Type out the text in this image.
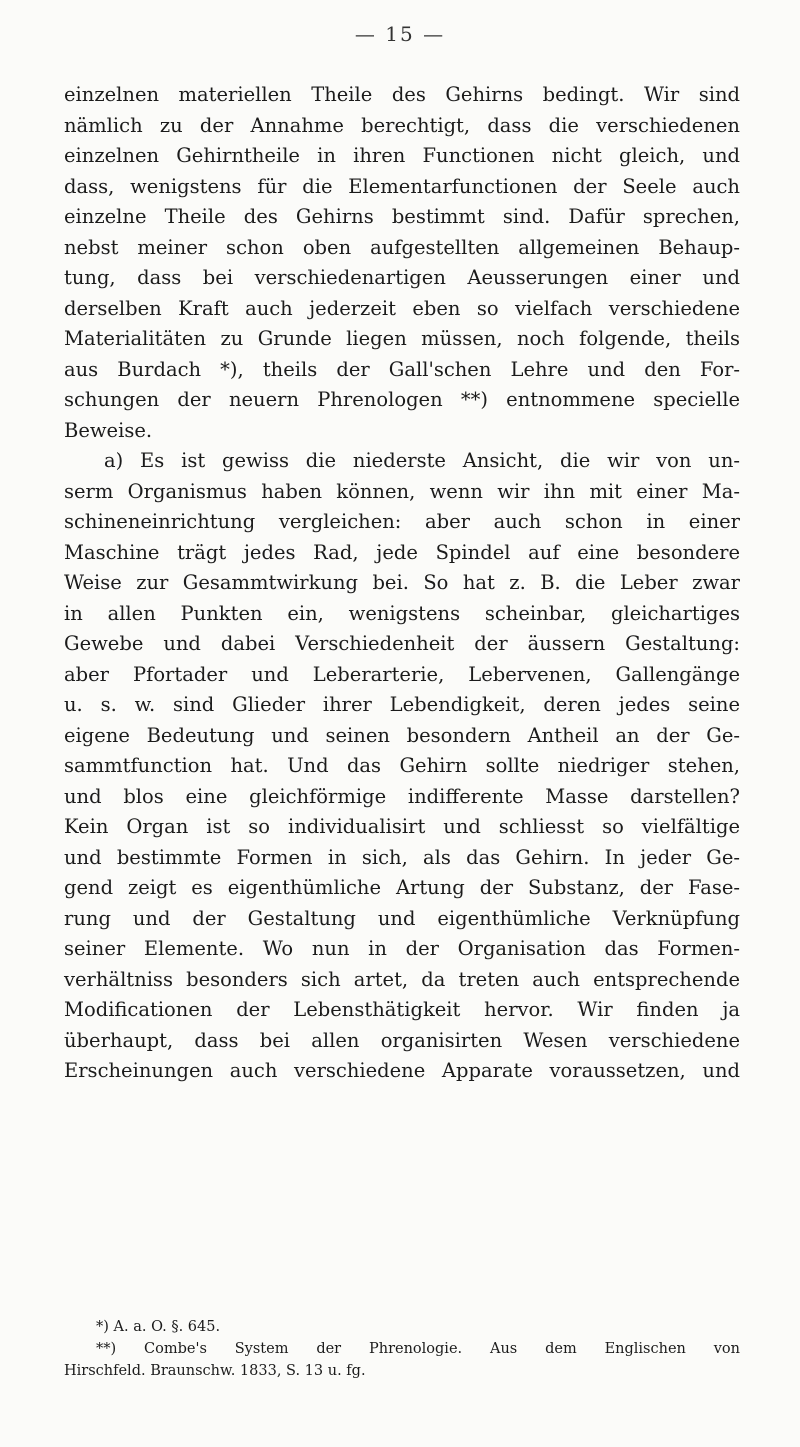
— 15 —
einzelnen materiellen Theile des Gehirns bedingt. Wir sind
nämlich zu der Annahme berechtigt, dass die verschiedenen
einzelnen Gehirntheile in ihren Functionen nicht gleich, und
dass, wenigstens für die Elementarfunctionen der Seele auch
einzelne Theile des Gehirns bestimmt sind. Dafür sprechen,
nebst meiner schon oben aufgestellten allgemeinen Behaup-
tung, dass bei verschiedenartigen Aeusserungen einer und
derselben Kraft auch jederzeit eben so vielfach verschiedene
Materialitäten zu Grunde liegen müssen, noch folgende, theils
aus Burdach *), theils der Gall'schen Lehre und den For-
schungen der neuern Phrenologen **) entnommene specielle
Beweise.
a) Es ist gewiss die niederste Ansicht, die wir von un-
serm Organismus haben können, wenn wir ihn mit einer Ma-
schineneinrichtung vergleichen: aber auch schon in einer
Maschine trägt jedes Rad, jede Spindel auf eine besondere
Weise zur Gesammtwirkung bei. So hat z. B. die Leber zwar
in allen Punkten ein, wenigstens scheinbar, gleichartiges
Gewebe und dabei Verschiedenheit der äussern Gestaltung:
aber Pfortader und Leberarterie, Lebervenen, Gallengänge
u. s. w. sind Glieder ihrer Lebendigkeit, deren jedes seine
eigene Bedeutung und seinen besondern Antheil an der Ge-
sammtfunction hat. Und das Gehirn sollte niedriger stehen,
und blos eine gleichförmige indifferente Masse darstellen?
Kein Organ ist so individualisirt und schliesst so vielfältige
und bestimmte Formen in sich, als das Gehirn. In jeder Ge-
gend zeigt es eigenthümliche Artung der Substanz, der Fase-
rung und der Gestaltung und eigenthümliche Verknüpfung
seiner Elemente. Wo nun in der Organisation das Formen-
verhältniss besonders sich artet, da treten auch entsprechende
Modificationen der Lebensthätigkeit hervor. Wir finden ja
überhaupt, dass bei allen organisirten Wesen verschiedene
Erscheinungen auch verschiedene Apparate voraussetzen, und
*) A. a. O. §. 645.
**) Combe's System der Phrenologie. Aus dem Englischen von
Hirschfeld. Braunschw. 1833, S. 13 u. fg.
